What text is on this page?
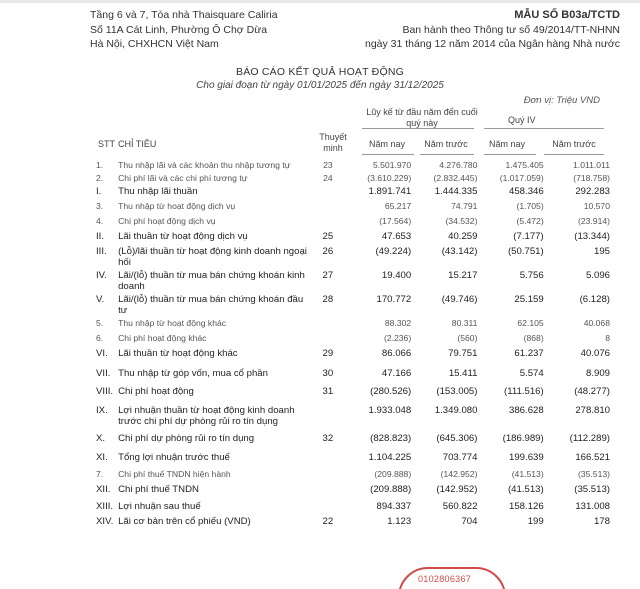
Tầng 6 và 7, Tòa nhà Thaisquare Caliria
Số 11A Cát Linh, Phường Ô Chợ Dừa
Hà Nội, CHXHCN Việt Nam
MẪU SỐ B03a/TCTD
Ban hành theo Thông tư số 49/2014/TT-NHNN
ngày 31 tháng 12 năm 2014 của Ngân hàng Nhà nước
BÁO CÁO KẾT QUẢ HOẠT ĐỘNG
Cho giai đoạn từ ngày 01/01/2025 đến ngày 31/12/2025
Đơn vị: Triệu VND
Lũy kế từ đầu năm đến cuối quý này	Quý IV
STT CHỈ TIÊU
Thuyết minh	Năm nay	Năm trước	Năm nay	Năm trước
1.	Thu nhập lãi và các khoản thu nhập tương tự	23	5.501.970	4.276.780	1.475.405	1.011.011
2.	Chi phí lãi và các chi phí tương tự	24	(3.610.229)	(2.832.445)	(1.017.059)	(718.758)
I.	Thu nhập lãi thuần		1.891.741	1.444.335	458.346	292.283
3.	Thu nhập từ hoạt động dịch vụ		65.217	74.791	(1.705)	10.570
4.	Chi phí hoạt động dịch vụ		(17.564)	(34.532)	(5.472)	(23.914)
II.	Lãi thuần từ hoạt động dịch vụ	25	47.653	40.259	(7.177)	(13.344)
III.	(Lỗ)/lãi thuần từ hoạt động kinh doanh ngoại hối	26	(49.224)	(43.142)	(50.751)	195
IV.	Lãi/(lỗ) thuần từ mua bán chứng khoán kinh doanh	27	19.400	15.217	5.756	5.096
V.	Lãi/(lỗ) thuần từ mua bán chứng khoán đầu tư	28	170.772	(49.746)	25.159	(6.128)
5.	Thu nhập từ hoạt động khác		88.302	80.311	62.105	40.068
6.	Chi phí hoạt động khác		(2.236)	(560)	(868)	8
VI.	Lãi thuần từ hoạt động khác	29	86.066	79.751	61.237	40.076
VII.	Thu nhập từ góp vốn, mua cổ phần	30	47.166	15.411	5.574	8.909
VIII.	Chi phí hoạt động	31	(280.526)	(153.005)	(111.516)	(48.277)
IX.	Lợi nhuận thuần từ hoạt động kinh doanh trước chi phí dự phòng rủi ro tín dụng		1.933.048	1.349.080	386.628	278.810
X.	Chi phí dự phòng rủi ro tín dụng	32	(828.823)	(645.306)	(186.989)	(112.289)
XI.	Tổng lợi nhuận trước thuế		1.104.225	703.774	199.639	166.521
7.	Chi phí thuế TNDN hiện hành		(209.888)	(142.952)	(41.513)	(35.513)
XII.	Chi phí thuế TNDN		(209.888)	(142.952)	(41.513)	(35.513)
XIII.	Lợi nhuận sau thuế		894.337	560.822	158.126	131.008
XIV.	Lãi cơ bản trên cổ phiếu (VND)	22	1.123	704	199	178
0102806367
